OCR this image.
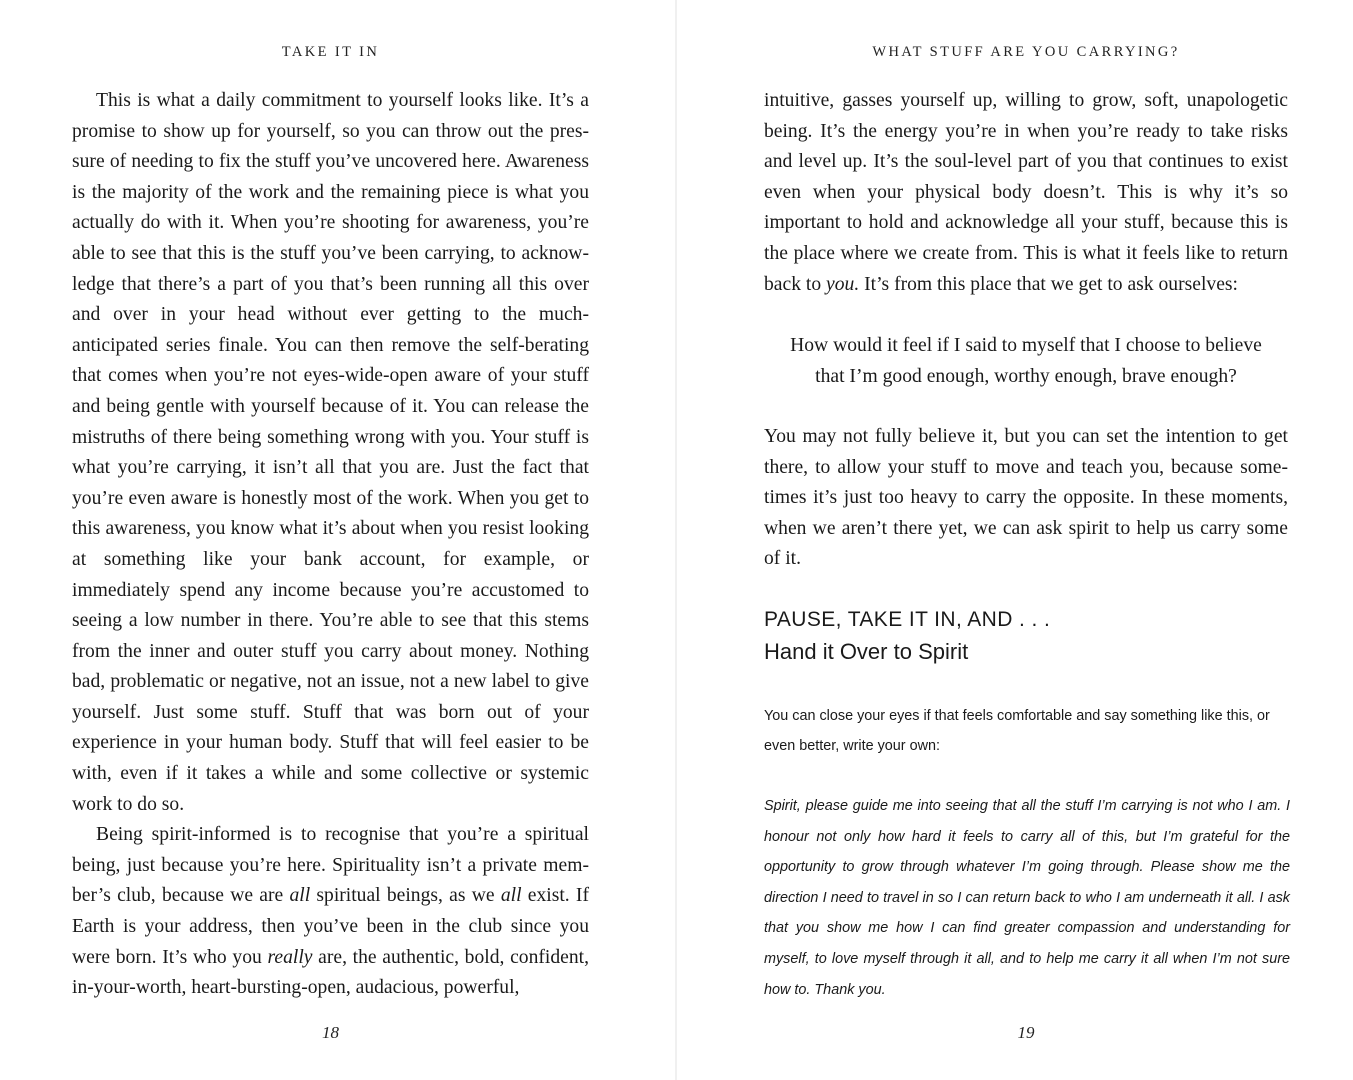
TAKE IT IN

This is what a daily commitment to yourself looks like. It’s a promise to show up for yourself, so you can throw out the pressure of needing to fix the stuff you’ve uncovered here. Awareness is the majority of the work and the remaining piece is what you actually do with it. When you’re shooting for awareness, you’re able to see that this is the stuff you’ve been carrying, to acknowledge that there’s a part of you that’s been running all this over and over in your head without ever getting to the much-anticipated series finale. You can then remove the self-berating that comes when you’re not eyes-wide-open aware of your stuff and being gentle with yourself because of it. You can release the mistruths of there being something wrong with you. Your stuff is what you’re carrying, it isn’t all that you are. Just the fact that you’re even aware is honestly most of the work. When you get to this awareness, you know what it’s about when you resist looking at something like your bank account, for example, or immediately spend any income because you’re accustomed to seeing a low number in there. You’re able to see that this stems from the inner and outer stuff you carry about money. Nothing bad, problematic or negative, not an issue, not a new label to give yourself. Just some stuff. Stuff that was born out of your experience in your human body. Stuff that will feel easier to be with, even if it takes a while and some collective or systemic work to do so.

Being spirit-informed is to recognise that you’re a spiritual being, just because you’re here. Spirituality isn’t a private member’s club, because we are all spiritual beings, as we all exist. If Earth is your address, then you’ve been in the club since you were born. It’s who you really are, the authentic, bold, confident, in-your-worth, heart-bursting-open, audacious, powerful,

18
WHAT STUFF ARE YOU CARRYING?

intuitive, gasses yourself up, willing to grow, soft, unapologetic being. It’s the energy you’re in when you’re ready to take risks and level up. It’s the soul-level part of you that continues to exist even when your physical body doesn’t. This is why it’s so important to hold and acknowledge all your stuff, because this is the place where we create from. This is what it feels like to return back to you. It’s from this place that we get to ask ourselves:

How would it feel if I said to myself that I choose to believe
that I’m good enough, worthy enough, brave enough?

You may not fully believe it, but you can set the intention to get there, to allow your stuff to move and teach you, because sometimes it’s just too heavy to carry the opposite. In these moments, when we aren’t there yet, we can ask spirit to help us carry some of it.

PAUSE, TAKE IT IN, AND . . .
Hand it Over to Spirit

You can close your eyes if that feels comfortable and say something like this, or even better, write your own:

Spirit, please guide me into seeing that all the stuff I’m carrying is not who I am. I honour not only how hard it feels to carry all of this, but I’m grateful for the opportunity to grow through whatever I’m going through. Please show me the direction I need to travel in so I can return back to who I am underneath it all. I ask that you show me how I can find greater compassion and understanding for myself, to love myself through it all, and to help me carry it all when I’m not sure how to. Thank you.

19
